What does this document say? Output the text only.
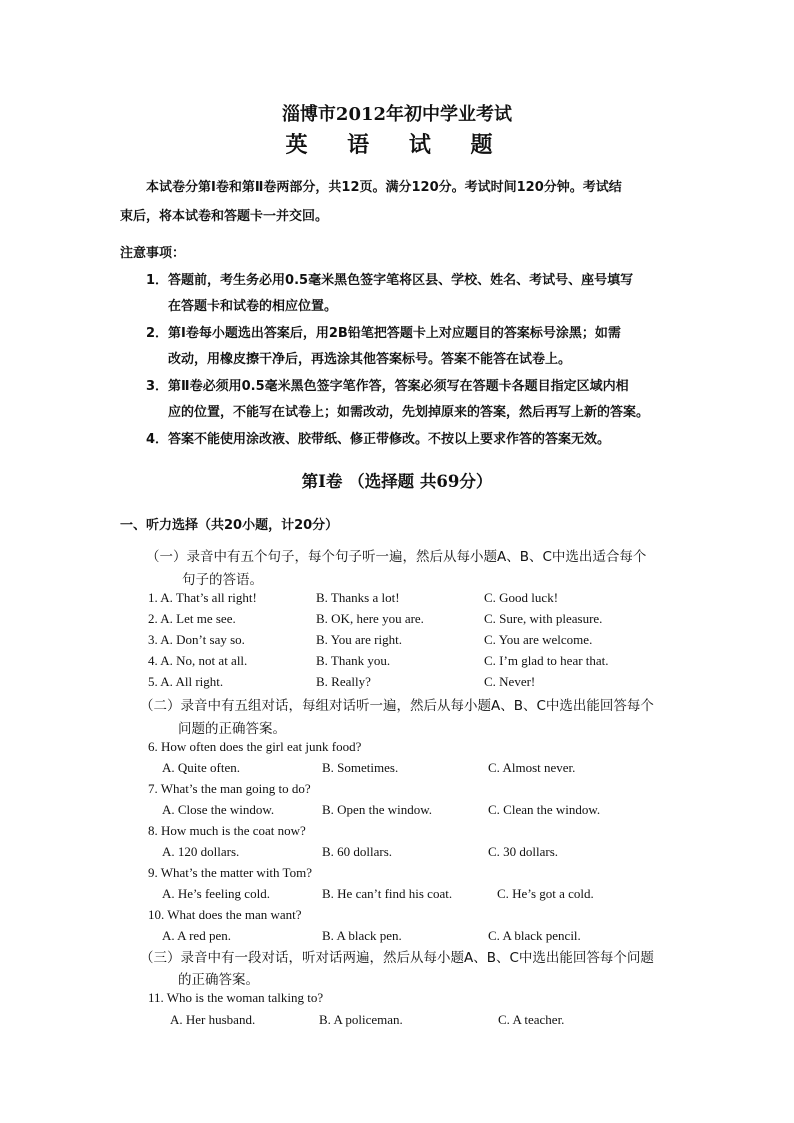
淄博市2012年初中学业考试
英 语 试 题
本试卷分第Ⅰ卷和第Ⅱ卷两部分，共12页。满分120分。考试时间120分钟。考试结
束后，将本试卷和答题卡一并交回。
注意事项：
1．答题前，考生务必用0.5毫米黑色签字笔将区县、学校、姓名、考试号、座号填写
在答题卡和试卷的相应位置。
2．第Ⅰ卷每小题选出答案后，用2B铅笔把答题卡上对应题目的答案标号涂黑；如需
改动，用橡皮擦干净后，再选涂其他答案标号。答案不能答在试卷上。
3．第Ⅱ卷必须用0.5毫米黑色签字笔作答，答案必须写在答题卡各题目指定区域内相
应的位置，不能写在试卷上；如需改动，先划掉原来的答案，然后再写上新的答案。
4．答案不能使用涂改液、胶带纸、修正带修改。不按以上要求作答的答案无效。
第Ⅰ卷 （选择题 共69分）
一、听力选择（共20小题，计20分）
（一）录音中有五个句子，每个句子听一遍，然后从每小题A、B、C中选出适合每个
句子的答语。
1. A. That’s all right!	B. Thanks a lot!	C. Good luck!
2. A. Let me see.	B. OK, here you are.	C. Sure, with pleasure.
3. A. Don’t say so.	B. You are right.	C. You are welcome.
4. A. No, not at all.	B. Thank you.	C. I’m glad to hear that.
5. A. All right.	B. Really?	C. Never!
（二）录音中有五组对话，每组对话听一遍，然后从每小题A、B、C中选出能回答每个
问题的正确答案。
6. How often does the girl eat junk food?
A. Quite often.	B. Sometimes.	C. Almost never.
7. What’s the man going to do?
A. Close the window.	B. Open the window.	C. Clean the window.
8. How much is the coat now?
A. 120 dollars.	B. 60 dollars.	C. 30 dollars.
9. What’s the matter with Tom?
A. He’s feeling cold.	B. He can’t find his coat.	C. He’s got a cold.
10. What does the man want?
A. A red pen.	B. A black pen.	C. A black pencil.
（三）录音中有一段对话，听对话两遍，然后从每小题A、B、C中选出能回答每个问题
的正确答案。
11. Who is the woman talking to?
A. Her husband.	B. A policeman.	C. A teacher.
